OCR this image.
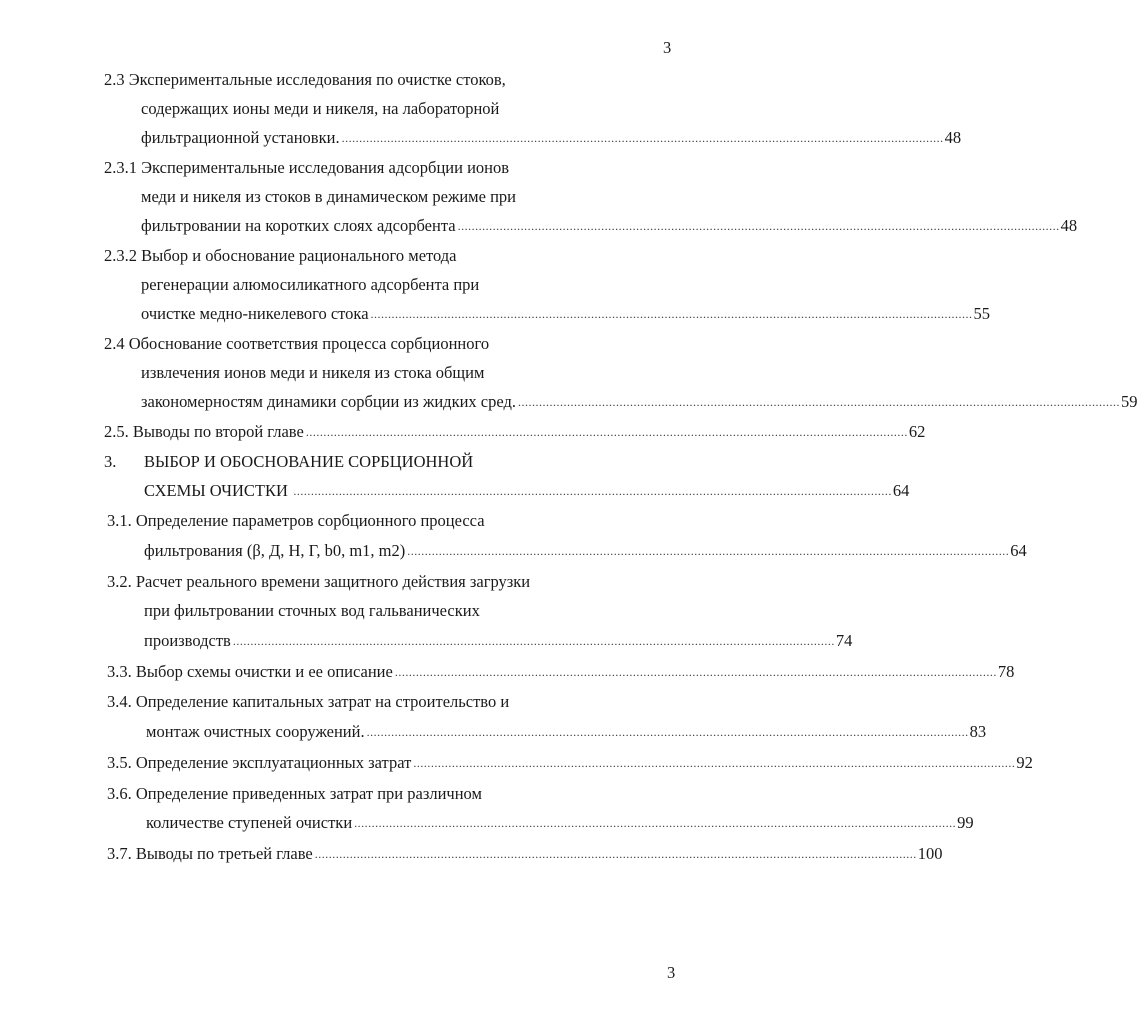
3
2.3 Экспериментальные исследования по очистке стоков,
содержащих ионы меди и никеля, на лабораторной
фильтрационной установки. ............................................................................................................................................................................ 48
2.3.1 Экспериментальные исследования адсорбции ионов
меди и никеля из стоков в динамическом режиме при
фильтровании на коротких слоях адсорбента ............................................................................................................................................................................ 48
2.3.2 Выбор и обоснование рационального метода
регенерации алюмосиликатного адсорбента при
очистке медно-никелевого стока ............................................................................................................................................................................ 55
2.4 Обоснование соответствия процесса сорбционного
извлечения ионов меди и никеля из стока общим
закономерностям динамики сорбции из жидких сред. ............................................................................................................................................................................ 59
2.5. Выводы по второй главе ............................................................................................................................................................................ 62
3. ВЫБОР И ОБОСНОВАНИЕ СОРБЦИОННОЙ
СХЕМЫ ОЧИСТКИ ........................................................................................................................................................................... 64
3.1. Определение параметров сорбционного процесса
фильтрования (β, Д, Н, Г, b0, m1, m2) ............................................................................................................................................................................ 64
3.2. Расчет реального времени защитного действия загрузки
при фильтровании сточных вод гальванических
производств ............................................................................................................................................................................ 74
3.3. Выбор схемы очистки и ее описание ............................................................................................................................................................................ 78
3.4. Определение капитальных затрат на строительство и
монтаж очистных сооружений. ............................................................................................................................................................................ 83
3.5. Определение эксплуатационных затрат ............................................................................................................................................................................ 92
3.6. Определение приведенных затрат при различном
количестве ступеней очистки ............................................................................................................................................................................ 99
3.7. Выводы по третьей главе ............................................................................................................................................................................ 100
3
